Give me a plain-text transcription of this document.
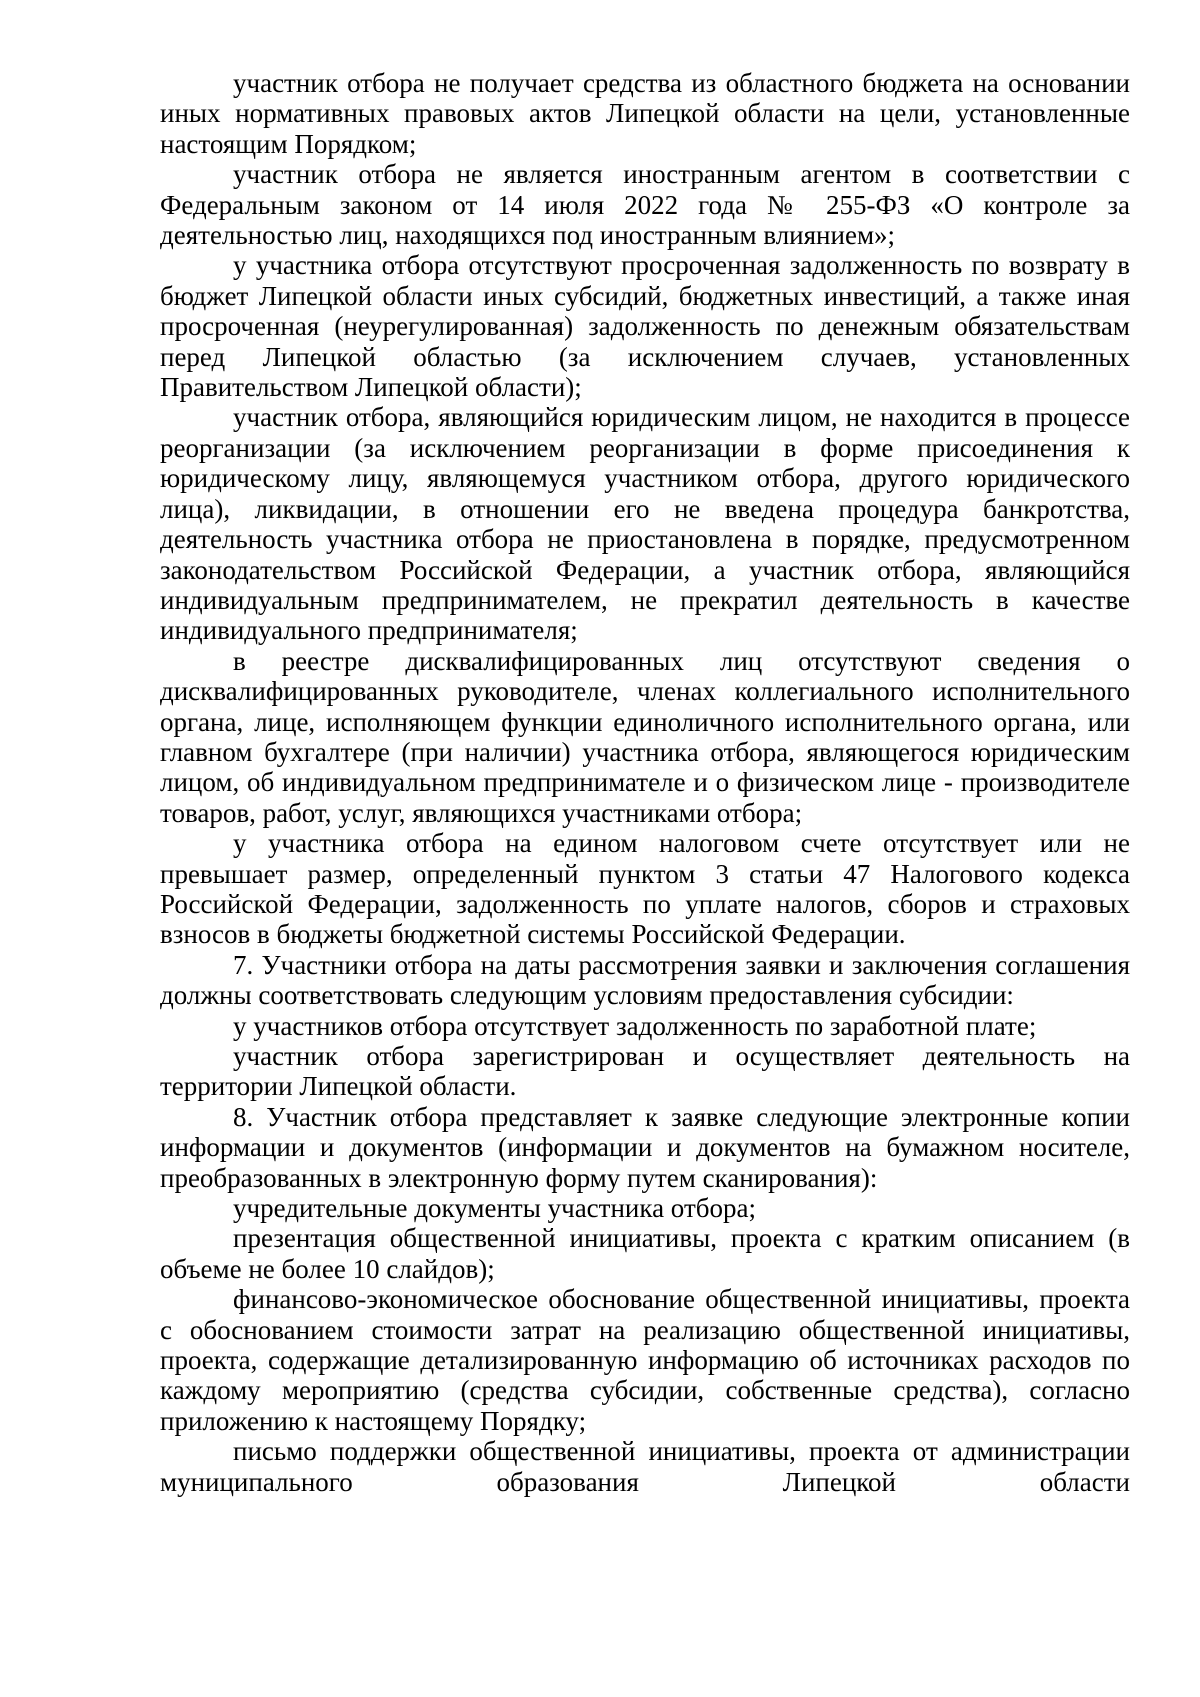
участник отбора не получает средства из областного бюджета на основании иных нормативных правовых актов Липецкой области на цели, установленные настоящим Порядком;

участник отбора не является иностранным агентом в соответствии с Федеральным законом от 14 июля 2022 года № 255-ФЗ «О контроле за деятельностью лиц, находящихся под иностранным влиянием»;

у участника отбора отсутствуют просроченная задолженность по возврату в бюджет Липецкой области иных субсидий, бюджетных инвестиций, а также иная просроченная (неурегулированная) задолженность по денежным обязательствам перед Липецкой областью (за исключением случаев, установленных Правительством Липецкой области);

участник отбора, являющийся юридическим лицом, не находится в процессе реорганизации (за исключением реорганизации в форме присоединения к юридическому лицу, являющемуся участником отбора, другого юридического лица), ликвидации, в отношении его не введена процедура банкротства, деятельность участника отбора не приостановлена в порядке, предусмотренном законодательством Российской Федерации, а участник отбора, являющийся индивидуальным предпринимателем, не прекратил деятельность в качестве индивидуального предпринимателя;

в реестре дисквалифицированных лиц отсутствуют сведения о дисквалифицированных руководителе, членах коллегиального исполнительного органа, лице, исполняющем функции единоличного исполнительного органа, или главном бухгалтере (при наличии) участника отбора, являющегося юридическим лицом, об индивидуальном предпринимателе и о физическом лице - производителе товаров, работ, услуг, являющихся участниками отбора;

у участника отбора на едином налоговом счете отсутствует или не превышает размер, определенный пунктом 3 статьи 47 Налогового кодекса Российской Федерации, задолженность по уплате налогов, сборов и страховых взносов в бюджеты бюджетной системы Российской Федерации.

7. Участники отбора на даты рассмотрения заявки и заключения соглашения должны соответствовать следующим условиям предоставления субсидии:

у участников отбора отсутствует задолженность по заработной плате;

участник отбора зарегистрирован и осуществляет деятельность на территории Липецкой области.

8. Участник отбора представляет к заявке следующие электронные копии информации и документов (информации и документов на бумажном носителе, преобразованных в электронную форму путем сканирования):

учредительные документы участника отбора;

презентация общественной инициативы, проекта с кратким описанием (в объеме не более 10 слайдов);

финансово-экономическое обоснование общественной инициативы, проекта с обоснованием стоимости затрат на реализацию общественной инициативы, проекта, содержащие детализированную информацию об источниках расходов по каждому мероприятию (средства субсидии, собственные средства), согласно приложению к настоящему Порядку;

письмо поддержки общественной инициативы, проекта от администрации муниципального образования Липецкой области
